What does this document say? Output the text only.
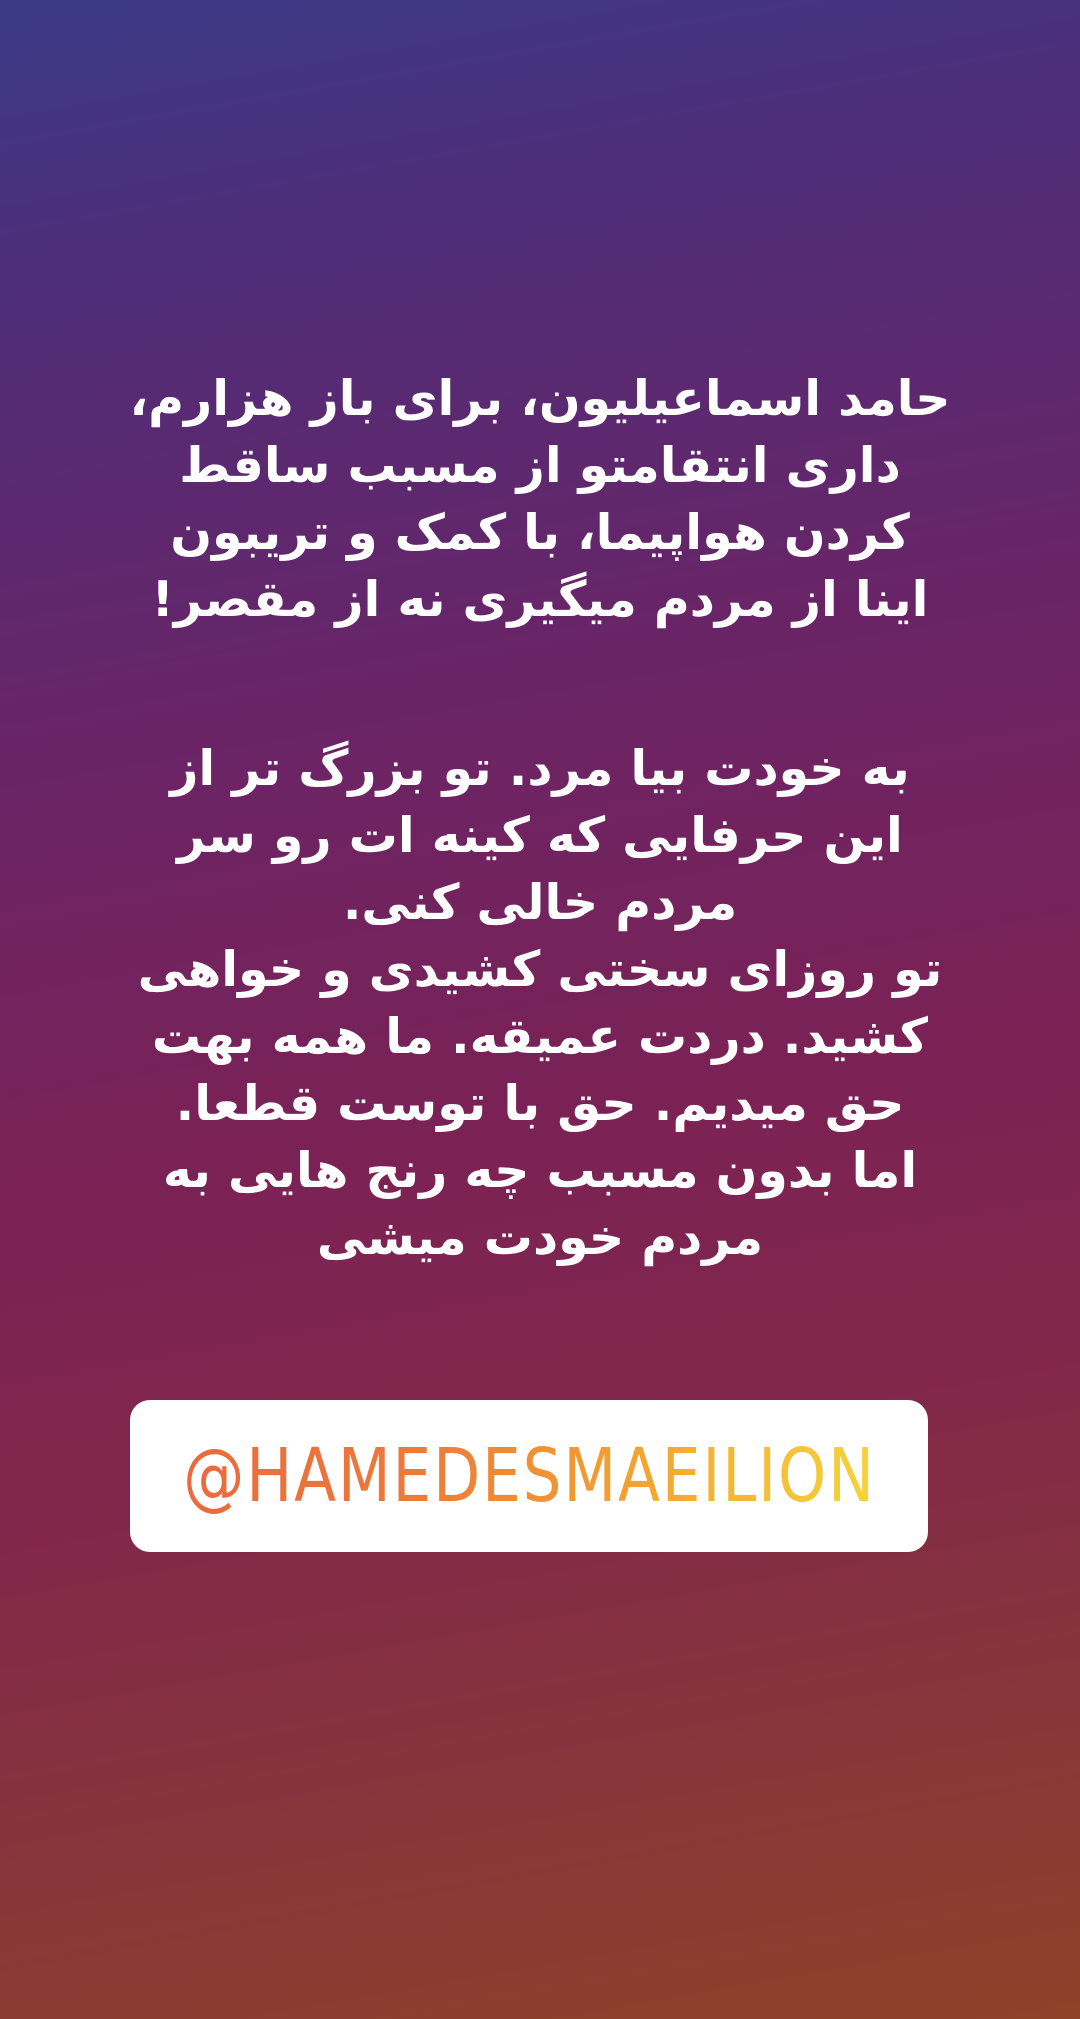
حامد اسماعیلیون، برای باز هزارم،
داری انتقامتو از مسبب ساقط
کردن هواپیما، با کمک و تریبون
اینا از مردم میگیری نه از مقصر!
به خودت بیا مرد. تو بزرگ تر از
این حرفایی که کینه ات رو سر
مردم خالی کنی.
تو روزای سختی کشیدی و خواهی
کشید. دردت عمیقه. ما همه بهت
حق میدیم. حق با توست قطعا.
اما بدون مسبب چه رنج هایی به
مردم خودت میشی
@HAMEDESMAEILION
